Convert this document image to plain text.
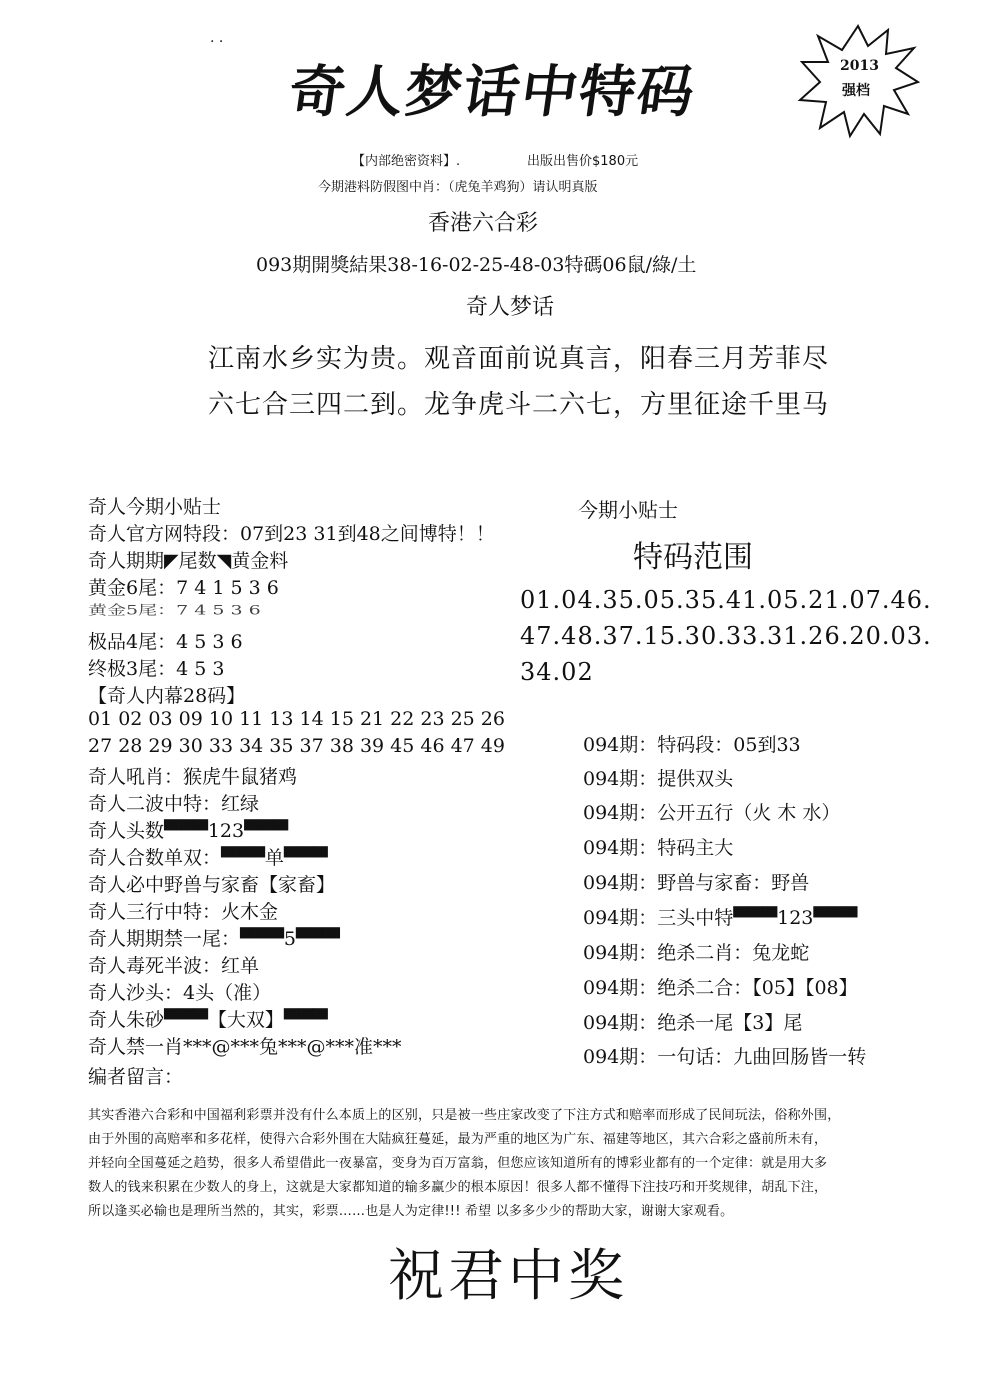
. .
奇人梦话中特码	2013
强档
【内部绝密资料】.	出版出售价$180元
今期港料防假图中肖：（虎兔羊鸡狗）请认明真版
香港六合彩
093期開獎結果38-16-02-25-48-03特碼06鼠/綠/土
奇人梦话
江南水乡实为贵。观音面前说真言，阳春三月芳菲尽
六七合三四二到。龙争虎斗二六七，方里征途千里马
奇人今期小贴士
奇人官方网特段：07到23 31到48之间博特！！
奇人期期◤尾数◥黄金料
黄金6尾：7 4 1 5 3 6
黄金5尾：7 4 5 3 6
极品4尾：4 5 3 6
终极3尾：4 5 3
【奇人内幕28码】
01 02 03 09 10 11 13 14 15 21 22 23 25 26
27 28 29 30 33 34 35 37 38 39 45 46 47 49
奇人吼肖：猴虎牛鼠猪鸡
奇人二波中特：红绿
奇人头数▀▀▀123▀▀▀
奇人合数单双：▀▀▀单▀▀▀
奇人必中野兽与家畜【家畜】
奇人三行中特：火木金
奇人期期禁一尾：▀▀▀5▀▀▀
奇人毒死半波：红单
奇人沙头：4头（准）
奇人朱砂▀▀▀【大双】▀▀▀
奇人禁一肖***@***兔***@***准***
今期小贴士
特码范围
01.04.35.05.35.41.05.21.07.46.
47.48.37.15.30.33.31.26.20.03.
34.02
094期：特码段：05到33
094期：提供双头
094期：公开五行（火 木 水）
094期：特码主大
094期：野兽与家畜：野兽
094期：三头中特▀▀▀123▀▀▀
094期：绝杀二肖：兔龙蛇
094期：绝杀二合：【05】【08】
094期：绝杀一尾【3】尾
094期：一句话：九曲回肠皆一转
编者留言：
其实香港六合彩和中国福利彩票并没有什么本质上的区别，只是被一些庄家改变了下注方式和赔率而形成了民间玩法，俗称外围，
由于外围的高赔率和多花样，使得六合彩外围在大陆疯狂蔓延，最为严重的地区为广东、福建等地区，其六合彩之盛前所未有，
并轻向全国蔓延之趋势，很多人希望借此一夜暴富，变身为百万富翁，但您应该知道所有的博彩业都有的一个定律：就是用大多
数人的钱来积累在少数人的身上，这就是大家都知道的输多赢少的根本原因！很多人都不懂得下注技巧和开奖规律，胡乱下注，
所以逢买必输也是理所当然的，其实，彩票……也是人为定律!!! 希望 以多多少少的帮助大家，谢谢大家观看。
祝君中奖
